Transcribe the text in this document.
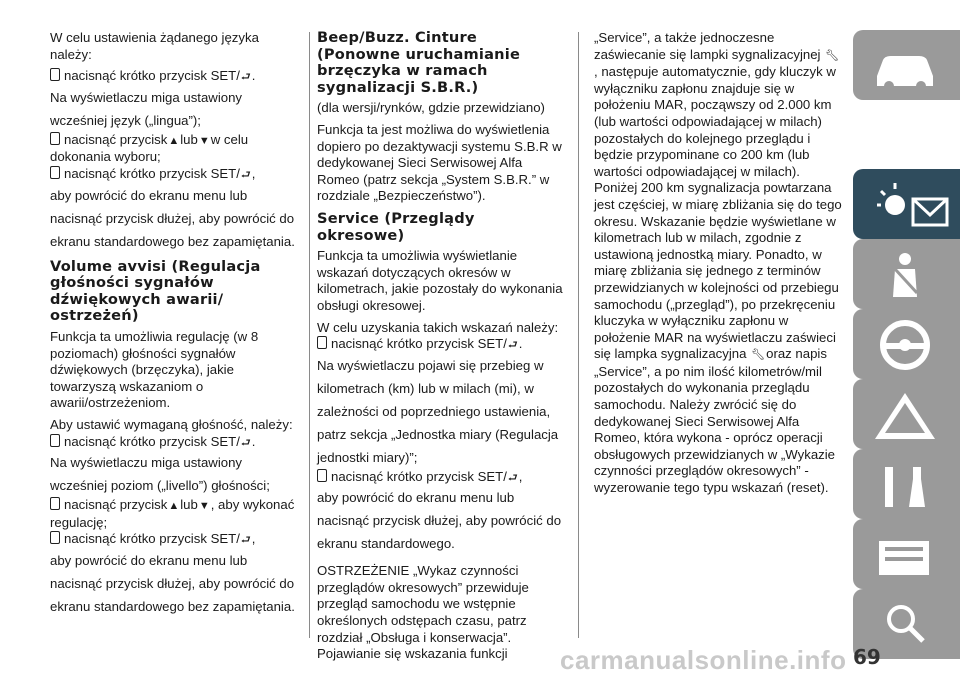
W celu ustawienia żądanego języka należy:

nacisnąć krótko przycisk SET/⮐.
Na wyświetlaczu miga ustawiony wcześniej język („lingua”);
nacisnąć przycisk▲lub▼w celu dokonania wyboru;
nacisnąć krótko przycisk SET/⮐,
aby powrócić do ekranu menu lub nacisnąć przycisk dłużej, aby powrócić do ekranu standardowego bez zapamiętania.
Volume avvisi (Regulacja głośności sygnałów dźwiękowych awarii/ ostrzeżeń)

Funkcja ta umożliwia regulację (w 8 poziomach) głośności sygnałów dźwiękowych (brzęczyka), jakie towarzyszą wskazaniom o awarii/ostrzeżeniom.

Aby ustawić wymaganą głośność, należy:

nacisnąć krótko przycisk SET/⮐.
Na wyświetlaczu miga ustawiony wcześniej poziom („livello”) głośności;
nacisnąć przycisk▲lub▼, aby wykonać regulację;
nacisnąć krótko przycisk SET/⮐,
aby powrócić do ekranu menu lub nacisnąć przycisk dłużej, aby powrócić do ekranu standardowego bez zapamiętania.
Beep/Buzz. Cinture (Ponowne uruchamianie brzęczyka w ramach sygnalizacji S.B.R.)

(dla wersji/rynków, gdzie przewidziano)

Funkcja ta jest możliwa do wyświetlenia dopiero po dezaktywacji systemu S.B.R w dedykowanej Sieci Serwisowej Alfa Romeo (patrz sekcja „System S.B.R.” w rozdziale „Bezpieczeństwo”).

Service (Przeglądy okresowe)

Funkcja ta umożliwia wyświetlanie wskazań dotyczących okresów w kilometrach, jakie pozostały do wykonania obsługi okresowej.

W celu uzyskania takich wskazań należy:

nacisnąć krótko przycisk SET/⮐.
Na wyświetlaczu pojawi się przebieg w kilometrach (km) lub w milach (mi), w zależności od poprzedniego ustawienia, patrz sekcja „Jednostka miary (Regulacja jednostki miary)”;
nacisnąć krótko przycisk SET/⮐,
aby powrócić do ekranu menu lub nacisnąć przycisk dłużej, aby powrócić do ekranu standardowego.

OSTRZEŻENIE „Wykaz czynności przeglądów okresowych” przewiduje przegląd samochodu we wstępnie określonych odstępach czasu, patrz rozdział „Obsługa i konserwacja”. Pojawianie się wskazania funkcji

„Service”, a także jednoczesne zaświecanie się lampki sygnalizacyjnej 🔧︎, następuje automatycznie, gdy kluczyk w wyłączniku zapłonu znajduje się w położeniu MAR, począwszy od 2.000 km (lub wartości odpowiadającej w milach) pozostałych do kolejnego przeglądu i będzie przypominane co 200 km (lub wartości odpowiadającej w milach). Poniżej 200 km sygnalizacja powtarzana jest częściej, w miarę zbliżania się do tego okresu. Wskazanie będzie wyświetlane w kilometrach lub w milach, zgodnie z ustawioną jednostką miary. Ponadto, w miarę zbliżania się jednego z terminów przewidzianych w kolejności od przebiegu samochodu („przegląd”), po przekręceniu kluczyka w wyłączniku zapłonu w położenie MAR na wyświetlaczu zaświeci się lampka sygnalizacyjna 🔧︎oraz napis „Service”, a po nim ilość kilometrów/mil pozostałych do wykonania przeglądu samochodu. Należy zwrócić się do dedykowanej Sieci Serwisowej Alfa Romeo, która wykona - oprócz operacji obsługowych przewidzianych w „Wykazie czynności przeglądów okresowych” - wyzerowanie tego typu wskazań (reset).
69
carmanualsonline.info
